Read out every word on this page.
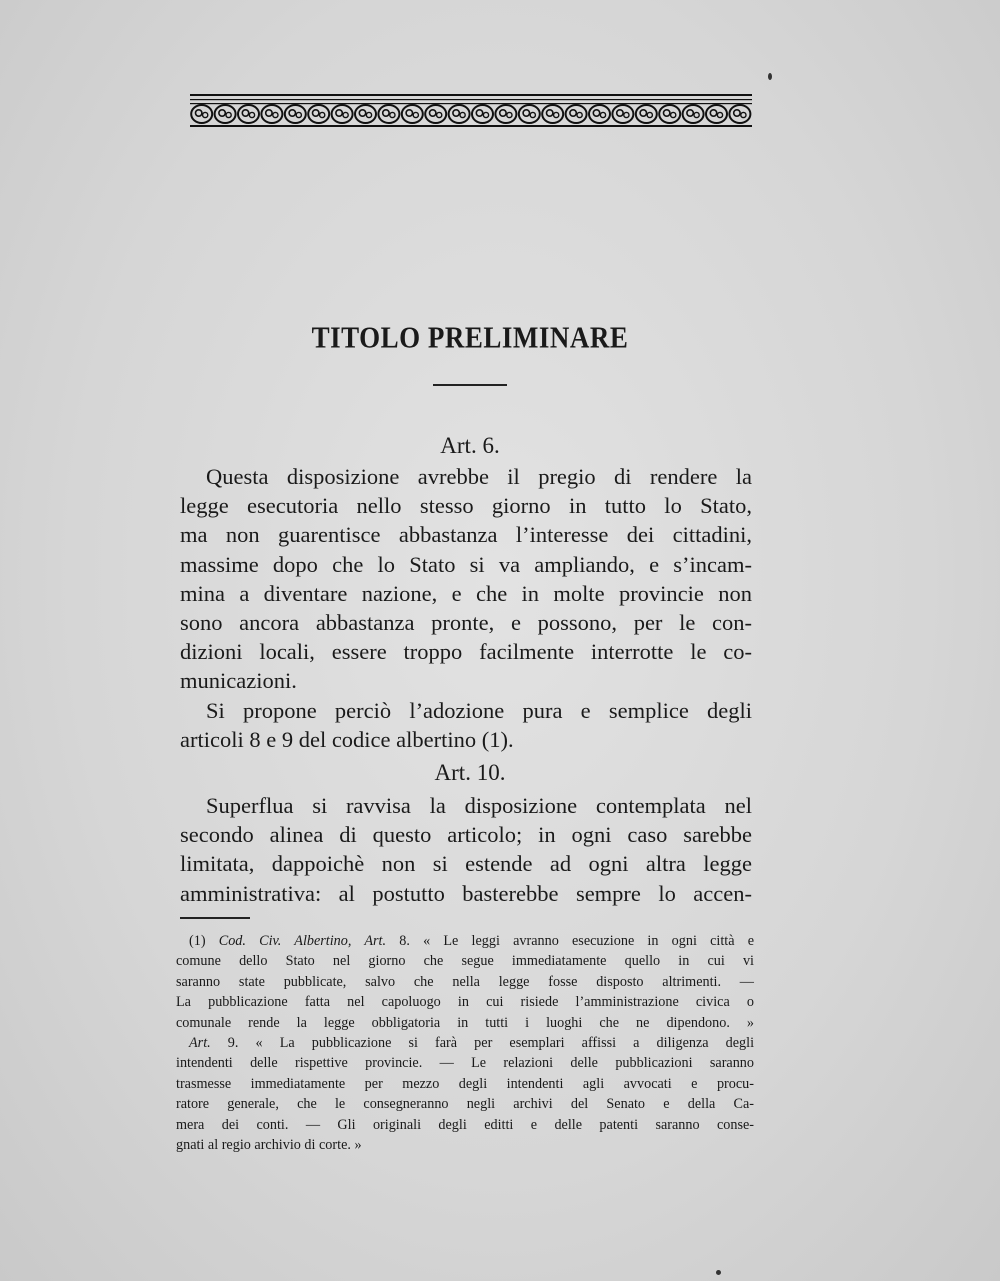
TITOLO PRELIMINARE
Art. 6.
Questa disposizione avrebbe il pregio di rendere la
legge esecutoria nello stesso giorno in tutto lo Stato,
ma non guarentisce abbastanza l’interesse dei cittadini,
massime dopo che lo Stato si va ampliando, e s’incam-
mina a diventare nazione, e che in molte provincie non
sono ancora abbastanza pronte, e possono, per le con-
dizioni locali, essere troppo facilmente interrotte le co-
municazioni.
Si propone perciò l’adozione pura e semplice degli
articoli 8 e 9 del codice albertino (1).
Art. 10.
Superflua si ravvisa la disposizione contemplata nel
secondo alinea di questo articolo; in ogni caso sarebbe
limitata, dappoichè non si estende ad ogni altra legge
amministrativa: al postutto basterebbe sempre lo accen-
(1) Cod. Civ. Albertino, Art. 8. « Le leggi avranno esecuzione in ogni città e
comune dello Stato nel giorno che segue immediatamente quello in cui vi
saranno state pubblicate, salvo che nella legge fosse disposto altrimenti. —
La pubblicazione fatta nel capoluogo in cui risiede l’amministrazione civica o
comunale rende la legge obbligatoria in tutti i luoghi che ne dipendono. »
Art. 9. « La pubblicazione si farà per esemplari affissi a diligenza degli
intendenti delle rispettive provincie. — Le relazioni delle pubblicazioni saranno
trasmesse immediatamente per mezzo degli intendenti agli avvocati e procu-
ratore generale, che le consegneranno negli archivi del Senato e della Ca-
mera dei conti. — Gli originali degli editti e delle patenti saranno conse-
gnati al regio archivio di corte. »
